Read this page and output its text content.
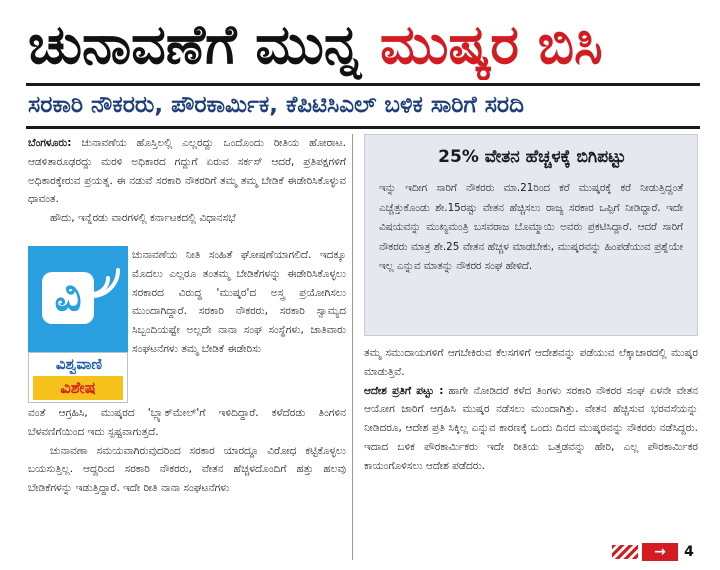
ಚುನಾವಣೆಗೆ ಮುನ್ನ ಮುಷ್ಕರ ಬಿಸಿ
ಸರಕಾರಿ ನೌಕರರು, ಪೌರಕಾರ್ಮಿಕ, ಕೆಪಿಟಿಸಿಎಲ್ ಬಳಿಕ ಸಾರಿಗೆ ಸರದಿ

ಬೆಂಗಳೂರು: ಚುನಾವಣೆಯ ಹೊಸ್ತಿಲಲ್ಲಿ ಎಲ್ಲರದ್ದು ಒಂದೊಂದು ರೀತಿಯ ಹೋರಾಟ. ಆಡಳಿತಾರೂಢರದ್ದು ಮರಳಿ ಅಧಿಕಾರದ ಗದ್ದುಗೆ ಏರುವ ಸರ್ಕಸ್ ಆದರೆ, ಪ್ರತಿಪಕ್ಷಗಳಿಗೆ ಅಧಿಕಾರಕ್ಕೇರುವ ಪ್ರಯತ್ನ. ಈ ನಡುವೆ ಸರಕಾರಿ ನೌಕರರಿಗೆ ತಮ್ಮ ತಮ್ಮ ಬೇಡಿಕೆ ಈಡೇರಿಸಿಕೊಳ್ಳುವ ಧಾವಂತ.

ಹೌದು, ಇನ್ನೆರಡು ವಾರಗಳಲ್ಲಿ ಕರ್ನಾಟಕದಲ್ಲಿ ವಿಧಾನಸಭೆ

ಚುನಾವಣೆಯ ನೀತಿ ಸಂಹಿತೆ ಘೋಷಣೆಯಾಗಲಿದೆ. ಇದಕ್ಕೂ ಮೊದಲು ಎಲ್ಲರೂ ತಂತಮ್ಮ ಬೇಡಿಕೆಗಳನ್ನು ಈಡೇರಿಸಿಕೊಳ್ಳಲು ಸರಕಾರದ ವಿರುದ್ಧ 'ಮುಷ್ಕರ'ದ ಅಸ್ತ್ರ ಪ್ರಯೋಗಿಸಲು ಮುಂದಾಗಿದ್ದಾರೆ. ಸರಕಾರಿ ನೌಕರರು, ಸರಕಾರಿ ಸ್ವಾಮ್ಯದ ಸಿಬ್ಬಂದಿಯಷ್ಟೇ ಅಲ್ಲದೇ ನಾನಾ ಸಂಘ ಸಂಸ್ಥೆಗಳು, ಜಾತಿವಾರು ಸಂಘಟನೆಗಳು ತಮ್ಮ ಬೇಡಿಕೆ ಈಡೇರಿಸು

ವಂತೆ ಆಗ್ರಹಿಸಿ, ಮುಷ್ಕರದ 'ಬ್ಲ್ಯಾಕ್‌ಮೇಲ್'ಗೆ ಇಳಿದಿದ್ದಾರೆ. ಕಳೆದೆರಡು ತಿಂಗಳಿನ ಬೆಳವಣಿಗೆಯಿಂದ ಇದು ಸ್ಪಷ್ಟವಾಗುತ್ತದೆ.

ಚುನಾವಣಾ ಸಮಯವಾಗಿರುವುದರಿಂದ ಸರಕಾರ ಯಾರದ್ದೂ ವಿರೋಧ ಕಟ್ಟಿಕೊಳ್ಳಲು ಬಯಸುತ್ತಿಲ್ಲ. ಆದ್ದರಿಂದ ಸರಕಾರಿ ನೌಕರರು, ವೇತನ ಹೆಚ್ಚಳದೊಂದಿಗೆ ಹತ್ತು ಹಲವು ಬೇಡಿಕೆಗಳನ್ನು ಇಡುತ್ತಿದ್ದಾರೆ. ಇದೇ ರೀತಿ ನಾನಾ ಸಂಘಟನೆಗಳು

ವಿ
ವಿಶ್ವವಾಣಿ
ವಿಶೇಷ
25% ವೇತನ ಹೆಚ್ಚಳಕ್ಕೆ ಬಿಗಿಪಟ್ಟು
ಇನ್ನು ಇದೀಗ ಸಾರಿಗೆ ನೌಕರರು ಮಾ.21ರಿಂದ ಕರೆ ಮುಷ್ಕರಕ್ಕೆ ಕರೆ ನೀಡುತ್ತಿದ್ದಂತೆ ಎಚ್ಚೆತ್ತುಕೊಂಡು ಶೇ.15ರಷ್ಟು ವೇತನ ಹೆಚ್ಚಿಸಲು ರಾಜ್ಯ ಸರಕಾರ ಒಪ್ಪಿಗೆ ನೀಡಿದ್ದಾರೆ. ಇದೇ ವಿಷಯವನ್ನು ಮುಖ್ಯಮಂತ್ರಿ ಬಸವರಾಜ ಬೊಮ್ಮಾಯಿ ಅವರು ಪ್ರಕಟಿಸಿದ್ದಾರೆ. ಆದರೆ ಸಾರಿಗೆ ನೌಕರರು ಮಾತ್ರ ಶೇ.25 ವೇತನ ಹೆಚ್ಚಳ ಮಾಡಬೇಕು, ಮುಷ್ಕರವನ್ನು ಹಿಂಪಡೆಯುವ ಪ್ರಶ್ನೆಯೇ ಇಲ್ಲ ಎನ್ನುವ ಮಾತನ್ನು ನೌಕರರ ಸಂಘ ಹೇಳಿದೆ.

ತಮ್ಮ ಸಮುದಾಯಗಳಿಗೆ ಆಗಬೇಕಿರುವ ಕೆಲಸಗಳಿಗೆ ಆದೇಶವನ್ನು ಪಡೆಯುವ ಲೆಕ್ಕಾಚಾರದಲ್ಲಿ ಮುಷ್ಕರ ಮಾಡುತ್ತಿವೆ.

ಆದೇಶ ಪ್ರತಿಗೆ ಪಟ್ಟು : ಹಾಗೇ ನೋಡಿದರೆ ಕಳೆದ ತಿಂಗಳು ಸರಕಾರಿ ನೌಕರರ ಸಂಘ ಏಳನೇ ವೇತನ ಆಯೋಗ ಜಾರಿಗೆ ಆಗ್ರಹಿಸಿ ಮುಷ್ಕರ ನಡೆಸಲು ಮುಂದಾಗಿತ್ತು. ವೇತನ ಹೆಚ್ಚಿಸುವ ಭರವಸೆಯನ್ನು ನೀಡಿದರೂ, ಆದೇಶ ಪ್ರತಿ ಸಿಕ್ಕಿಲ್ಲ ಎನ್ನುವ ಕಾರಣಕ್ಕೆ ಒಂದು ದಿನದ ಮುಷ್ಕರವನ್ನು ನೌಕರರು ನಡೆಸಿದ್ದರು. ಇದಾದ ಬಳಿಕ ಪೌರಕಾರ್ಮಿಕರು ಇದೇ ರೀತಿಯ ಒತ್ತಡವನ್ನು ಹೇರಿ, ಎಲ್ಲ ಪೌರಕಾರ್ಮಿಕರ ಕಾಯಂಗೊಳಿಸಲು ಆದೇಶ ಪಡೆದರು.

→	4
